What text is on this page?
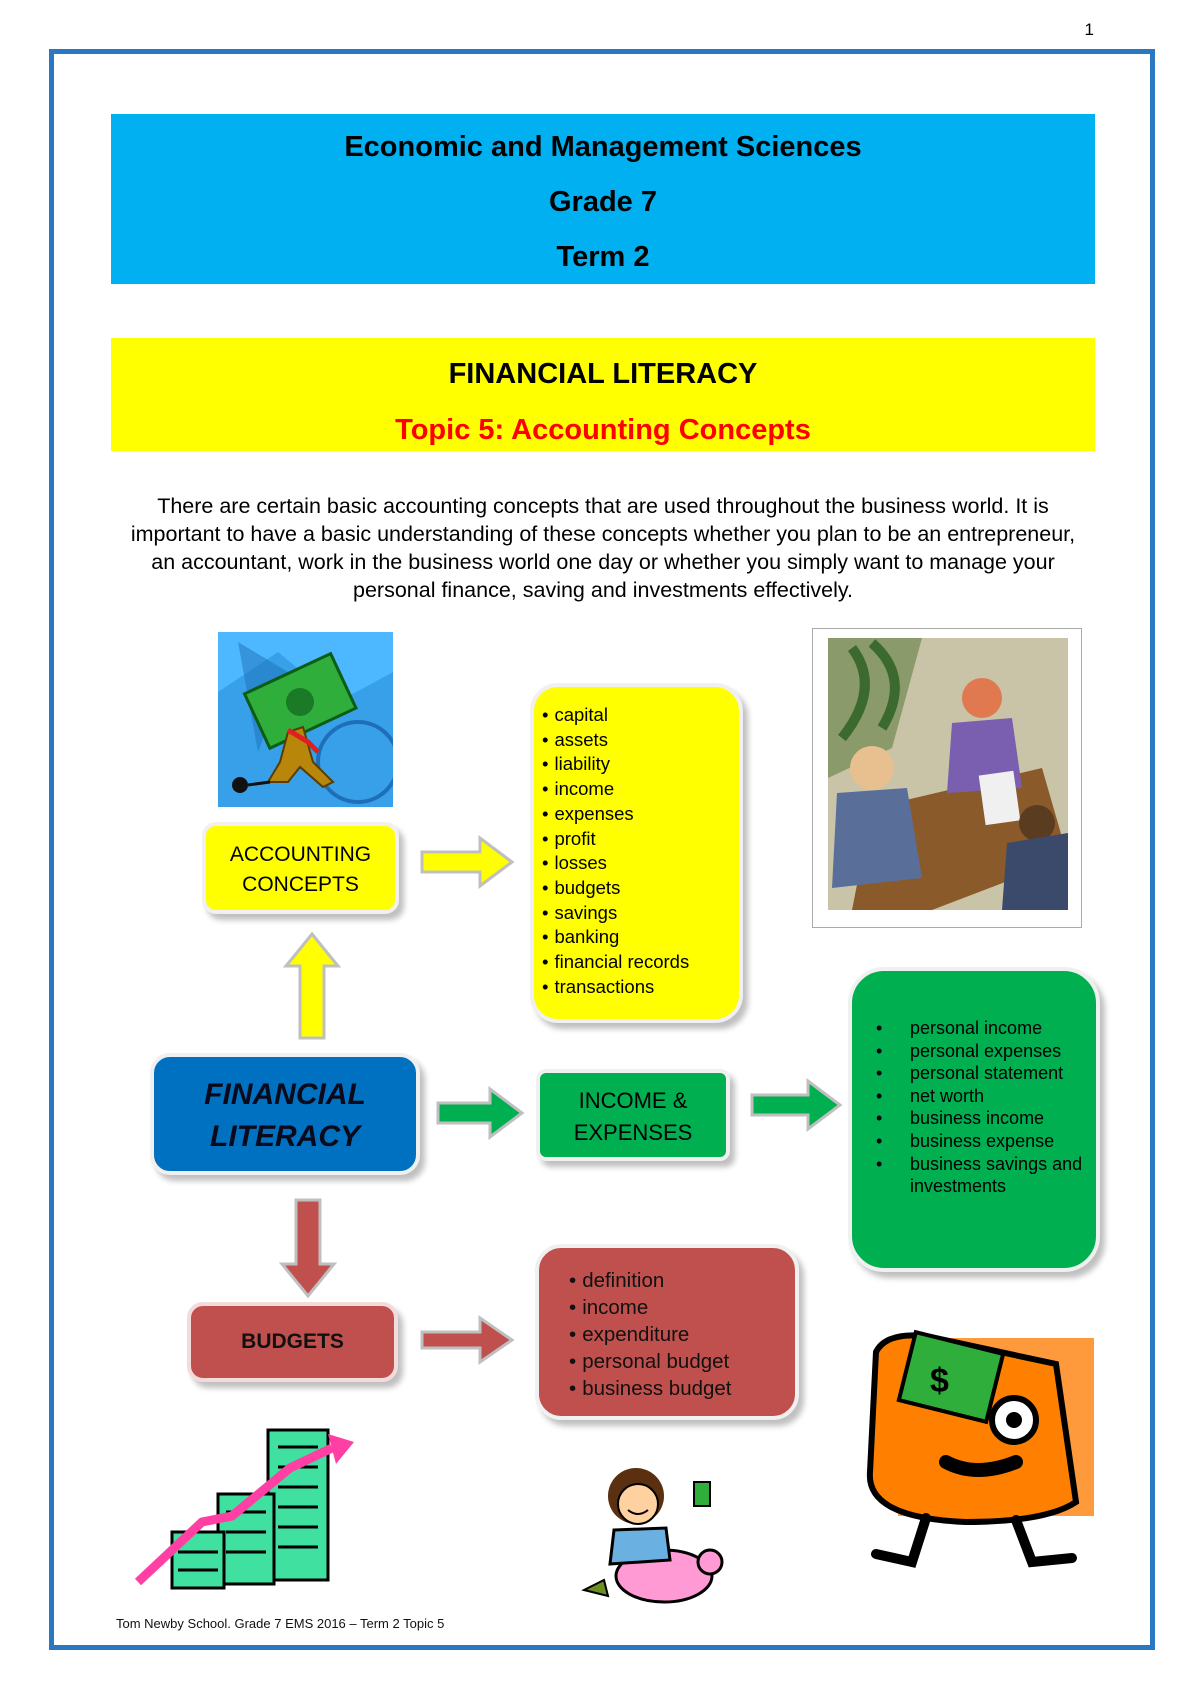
1
Economic and Management Sciences
Grade 7
Term 2
FINANCIAL LITERACY
Topic 5: Accounting Concepts
There are certain basic accounting concepts that are used throughout the business world. It is important to have a basic understanding of these concepts whether you plan to be an entrepreneur, an accountant, work in the business world one day or whether you simply want to manage your personal finance, saving and investments effectively.
ACCOUNTING
CONCEPTS
• capital
• assets
• liability
• income
• expenses
• profit
• losses
• budgets
• savings
• banking
• financial records
• transactions
FINANCIAL
LITERACY
INCOME &
EXPENSES
• personal income
• personal expenses
• personal statement
• net worth
• business income
• business expense
• business savings and investments
BUDGETS
• definition
• income
• expenditure
• personal budget
• business budget	$
Tom Newby School. Grade 7 EMS 2016 – Term 2 Topic 5
